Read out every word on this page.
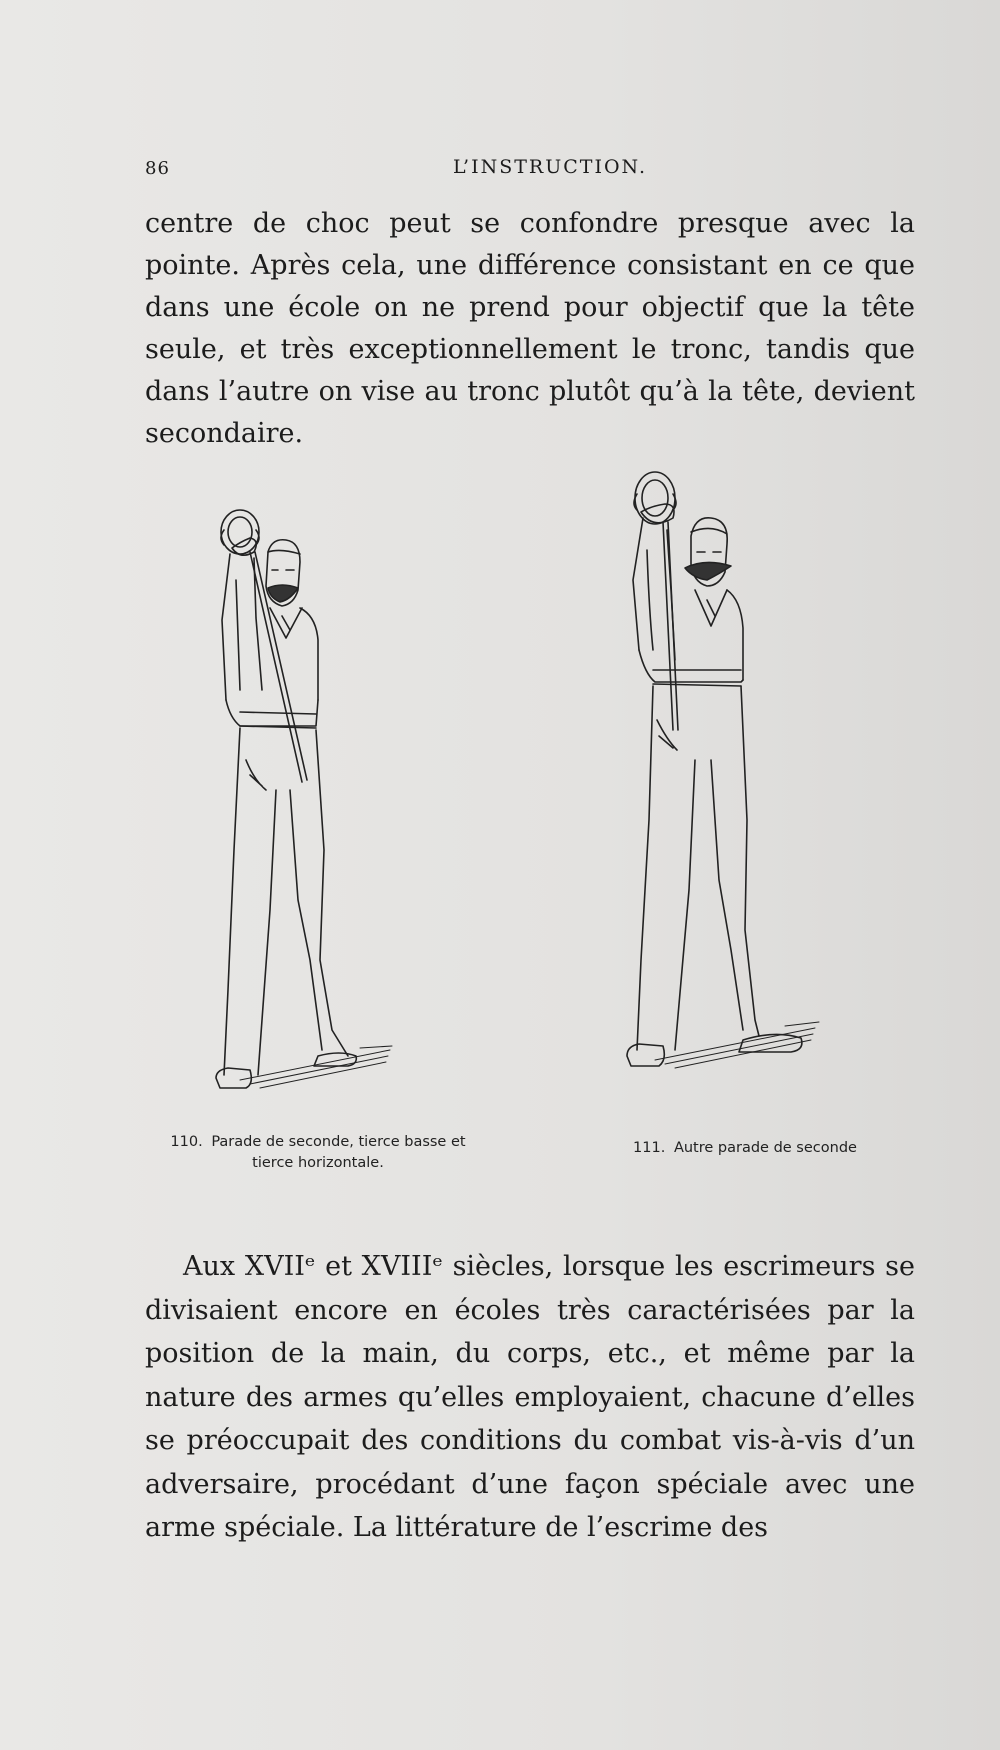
86	L’INSTRUCTION.

centre de choc peut se confondre presque avec la pointe. Après cela, une différence consistant en ce que dans une école on ne prend pour objectif que la tête seule, et très exceptionnellement le tronc, tandis que dans l’autre on vise au tronc plutôt qu’à la tête, devient secondaire.

110. Parade de seconde, tierce basse et tierce horizontale.
111. Autre parade de seconde

Aux XVIIᵉ et XVIIIᵉ siècles, lorsque les escrimeurs se divisaient encore en écoles très caractérisées par la position de la main, du corps, etc., et même par la nature des armes qu’elles employaient, chacune d’elles se préoccupait des conditions du combat vis-à-vis d’un adversaire, procédant d’une façon spéciale avec une arme spéciale. La littérature de l’escrime des
